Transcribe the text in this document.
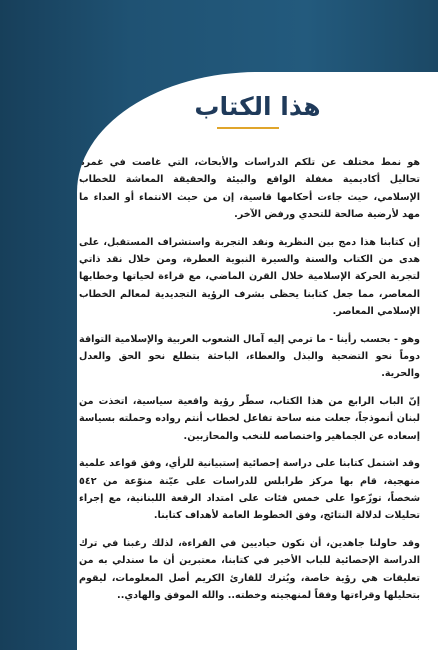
هذا الكتاب

هو نمط مختلف عن تلكم الدراسات والأبحاث، التي غاصت في غمرة تحاليل أكاديمية مغفلة الواقع والبيئة والحقيقة المعاشة للخطاب الإسلامي، حيث جاءت أحكامها قاسية، إن من حيث الانتماء أو العداء ما مهد لأرضية صالحة للتحدي ورفض الآخر.

إن كتابنا هذا دمج بين النظرية ونقد التجربة واستشراف المستقبل، على هدى من الكتاب والسنة والسيرة النبوية العطرة، ومن خلال نقد ذاتي لتجربة الحركة الإسلامية خلال القرن الماضي، مع قراءة لحياتها وخطابها المعاصر، مما جعل كتابنا يحظى بشرف الرؤية التجديدية لمعالم الخطاب الإسلامي المعاصر.

وهو - بحسب رأينا - ما ترمي إليه آمال الشعوب العربية والإسلامية التواقة دوماً نحو التضحية والبذل والعطاء، الباحثة بتطلع نحو الحق والعدل والحرية.

إنّ الباب الرابع من هذا الكتاب، سطّر رؤية واقعية سياسية، اتخذت من لبنان أنموذجاً، جعلت منه ساحة تفاعل لخطاب أنتم رواده وحملته بسياسة إسعاده عن الجماهير واختصاصه للنخب والمحازبين.

وقد اشتمل كتابنا على دراسة إحصائية إستبيانية للرأي، وفق قواعد علمية منهجية، قام بها مركز طرابلس للدراسات على عيّنة منوّعة من ٥٤٢ شخصاً، توزّعوا على خمس فئات على امتداد الرقعة اللبنانية، مع إجراء تحليلات لدلالة النتائج، وفق الخطوط العامة لأهداف كتابنا.

وقد حاولنا جاهدين، أن نكون حياديين في القراءة، لذلك رغبنا في ترك الدراسة الإحصائية للباب الأخير في كتابنا، معتبرين أن ما سندلي به من تعليقات هي رؤية خاصة، ويُترك للقارئ الكريم أصل المعلومات، ليقوم بتحليلها وقراءتها وفقاً لمنهجيته وخطته.. والله الموفق والهادي..
